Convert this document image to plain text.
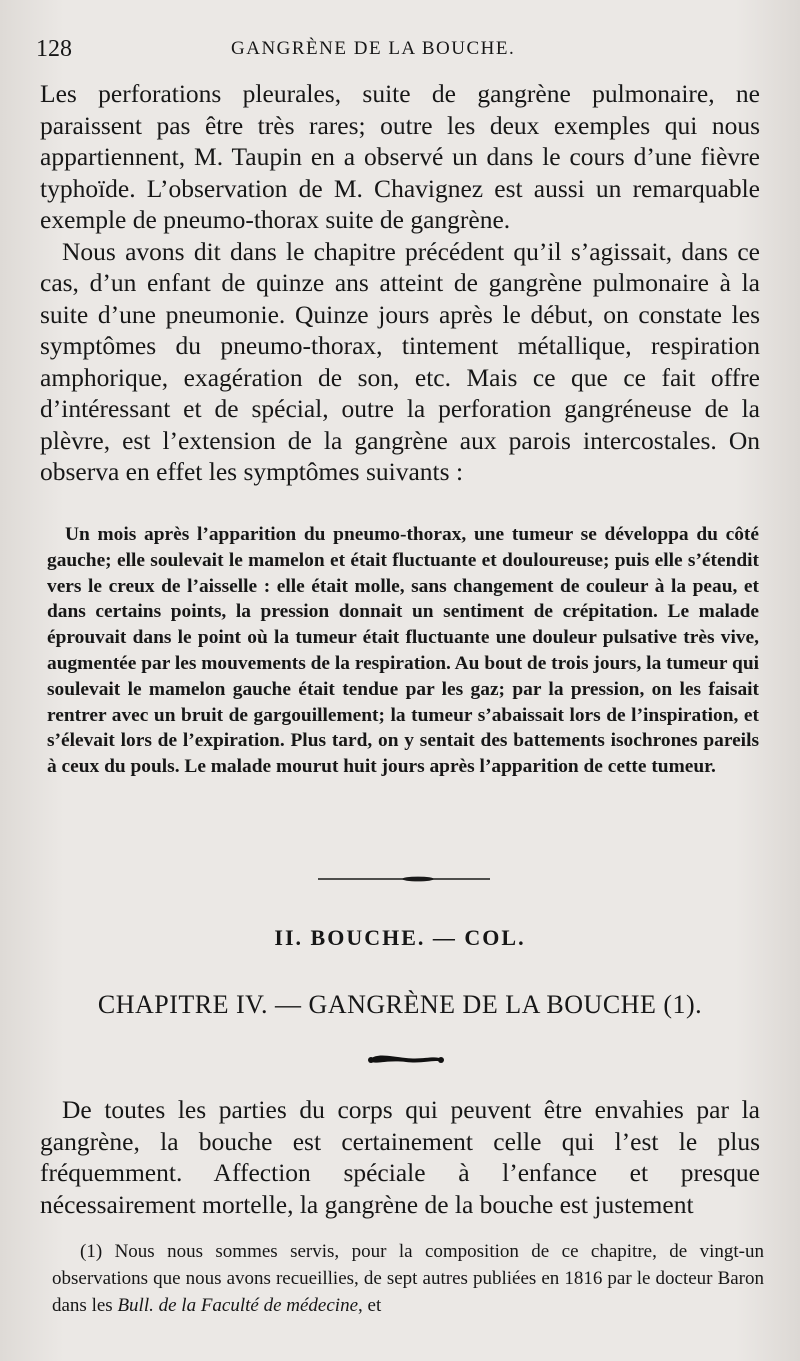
128	GANGRÈNE DE LA BOUCHE.

Les perforations pleurales, suite de gangrène pulmonaire, ne paraissent pas être très rares; outre les deux exemples qui nous appartiennent, M. Taupin en a observé un dans le cours d’une fièvre typhoïde. L’observation de M. Chavignez est aussi un remarquable exemple de pneumo-thorax suite de gangrène.

Nous avons dit dans le chapitre précédent qu’il s’agissait, dans ce cas, d’un enfant de quinze ans atteint de gangrène pulmonaire à la suite d’une pneumonie. Quinze jours après le début, on constate les symptômes du pneumo-thorax, tintement métallique, respiration amphorique, exagération de son, etc. Mais ce que ce fait offre d’intéressant et de spécial, outre la perforation gangréneuse de la plèvre, est l’extension de la gangrène aux parois intercostales. On observa en effet les symptômes suivants :

Un mois après l’apparition du pneumo-thorax, une tumeur se développa du côté gauche; elle soulevait le mamelon et était fluctuante et douloureuse; puis elle s’étendit vers le creux de l’aisselle : elle était molle, sans changement de couleur à la peau, et dans certains points, la pression donnait un sentiment de crépitation. Le malade éprouvait dans le point où la tumeur était fluctuante une douleur pulsative très vive, augmentée par les mouvements de la respiration. Au bout de trois jours, la tumeur qui soulevait le mamelon gauche était tendue par les gaz; par la pression, on les faisait rentrer avec un bruit de gargouillement; la tumeur s’abaissait lors de l’inspiration, et s’élevait lors de l’expiration. Plus tard, on y sentait des battements isochrones pareils à ceux du pouls. Le malade mourut huit jours après l’apparition de cette tumeur.

II. BOUCHE. — COL.
CHAPITRE IV. — GANGRÈNE DE LA BOUCHE (1).

De toutes les parties du corps qui peuvent être envahies par la gangrène, la bouche est certainement celle qui l’est le plus fréquemment. Affection spéciale à l’enfance et presque nécessairement mortelle, la gangrène de la bouche est justement

(1) Nous nous sommes servis, pour la composition de ce chapitre, de vingt-un observations que nous avons recueillies, de sept autres publiées en 1816 par le docteur Baron dans les Bull. de la Faculté de médecine, et
